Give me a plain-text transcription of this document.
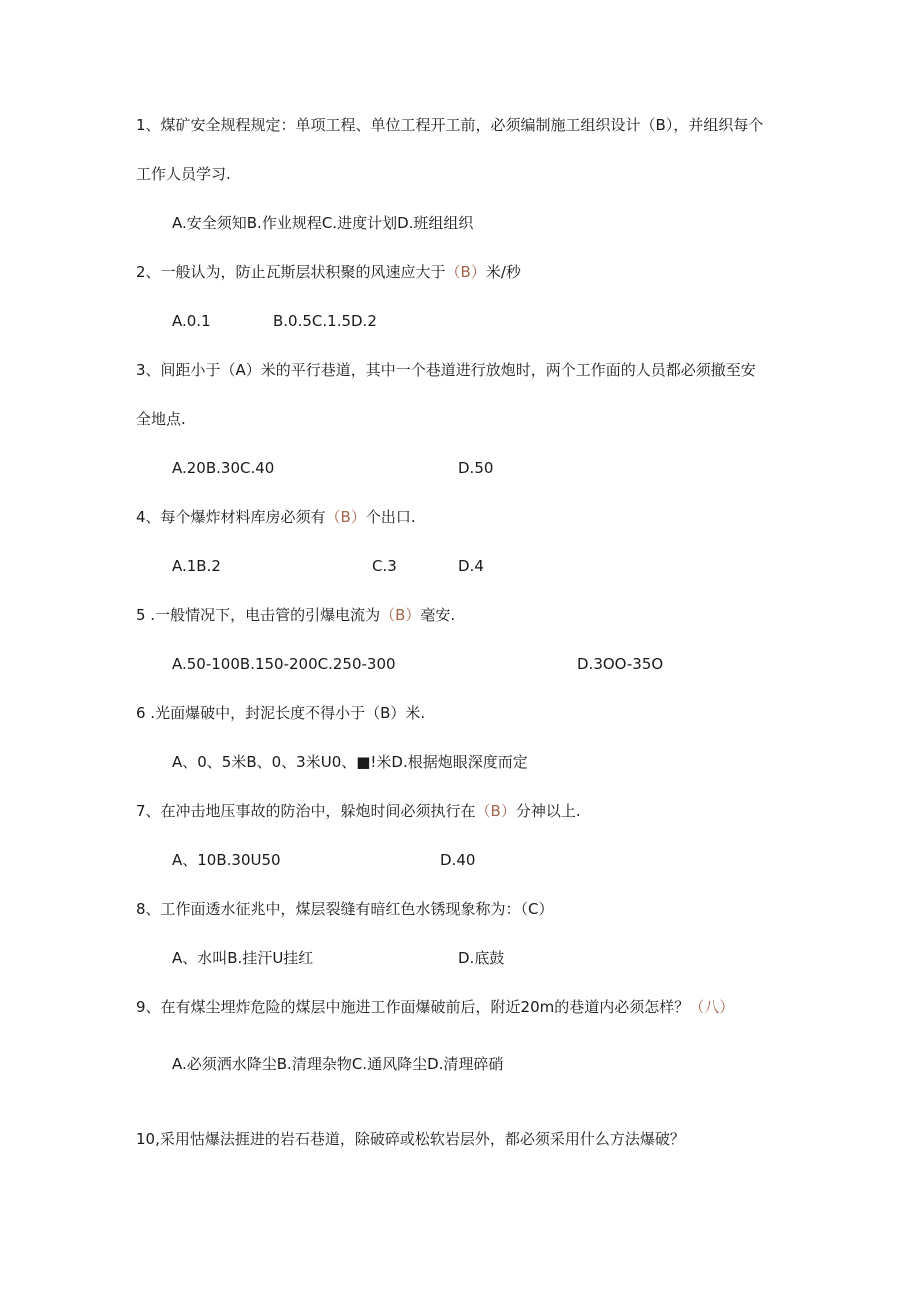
1、煤矿安全规程规定：单项工程、单位工程开工前，必须编制施工组织设计（B），并组织每个
工作人员学习.
A.安全须知B.作业规程C.进度计划D.班组组织
2、一般认为，防止瓦斯层状积聚的风速应大于（B）米/秒
A.0.1	B.0.5C.1.5D.2
3、间距小于（A）米的平行巷道，其中一个巷道进行放炮时，两个工作面的人员都必须撤至安
全地点.
A.20B.30C.40	D.50
4、每个爆炸材料库房必须有（B）个出口.
A.1B.2	C.3	D.4
5 .一般情况下，电击管的引爆电流为（B）毫安.
A.50-100B.150-200C.250-300	D.3OO-35O
6 .光面爆破中，封泥长度不得小于（B）米.
A、0、5米B、0、3米U0、■!米D.根据炮眼深度而定
7、在冲击地压事故的防治中，躲炮时间必须执行在（B）分神以上.
A、10B.30U50	D.40
8、工作面透水征兆中，煤层裂缝有暗红色水锈现象称为：（C）
A、水叫B.挂汗U挂红	D.底鼓
9、在有煤尘埋炸危险的煤层中施进工作面爆破前后，附近20m的巷道内必须怎样？（八）
A.必须洒水降尘B.清理杂物C.通风降尘D.清理碎硝
10,采用怙爆法捱进的岩石巷道，除破碎或松软岩层外，都必须采用什么方法爆破？
